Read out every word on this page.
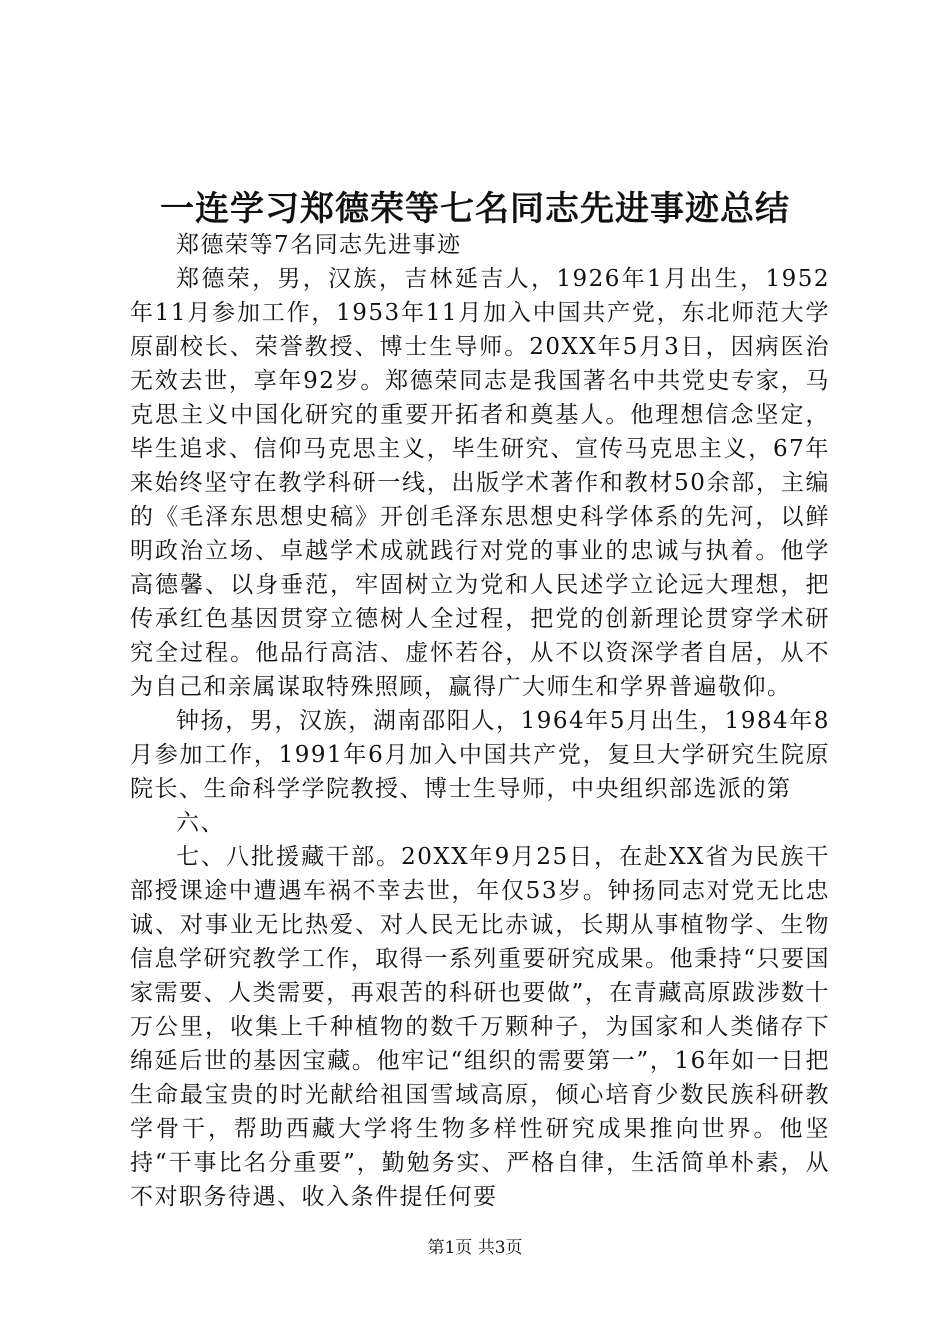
一连学习郑德荣等七名同志先进事迹总结

郑德荣等7名同志先进事迹

郑德荣，男，汉族，吉林延吉人，1926年1月出生，1952年11月参加工作，1953年11月加入中国共产党，东北师范大学原副校长、荣誉教授、博士生导师。20XX年5月3日，因病医治无效去世，享年92岁。郑德荣同志是我国著名中共党史专家，马克思主义中国化研究的重要开拓者和奠基人。他理想信念坚定，毕生追求、信仰马克思主义，毕生研究、宣传马克思主义，67年来始终坚守在教学科研一线，出版学术著作和教材50余部，主编的《毛泽东思想史稿》开创毛泽东思想史科学体系的先河，以鲜明政治立场、卓越学术成就践行对党的事业的忠诚与执着。他学高德馨、以身垂范，牢固树立为党和人民述学立论远大理想，把传承红色基因贯穿立德树人全过程，把党的创新理论贯穿学术研究全过程。他品行高洁、虚怀若谷，从不以资深学者自居，从不为自己和亲属谋取特殊照顾，赢得广大师生和学界普遍敬仰。

钟扬，男，汉族，湖南邵阳人，1964年5月出生，1984年8月参加工作，1991年6月加入中国共产党，复旦大学研究生院原院长、生命科学学院教授、博士生导师，中央组织部选派的第

六、

七、八批援藏干部。20XX年9月25日，在赴XX省为民族干部授课途中遭遇车祸不幸去世，年仅53岁。钟扬同志对党无比忠诚、对事业无比热爱、对人民无比赤诚，长期从事植物学、生物信息学研究教学工作，取得一系列重要研究成果。他秉持“只要国家需要、人类需要，再艰苦的科研也要做”，在青藏高原跋涉数十万公里，收集上千种植物的数千万颗种子，为国家和人类储存下绵延后世的基因宝藏。他牢记“组织的需要第一”，16年如一日把生命最宝贵的时光献给祖国雪域高原，倾心培育少数民族科研教学骨干，帮助西藏大学将生物多样性研究成果推向世界。他坚持“干事比名分重要”，勤勉务实、严格自律，生活简单朴素，从不对职务待遇、收入条件提任何要

第1页 共3页
